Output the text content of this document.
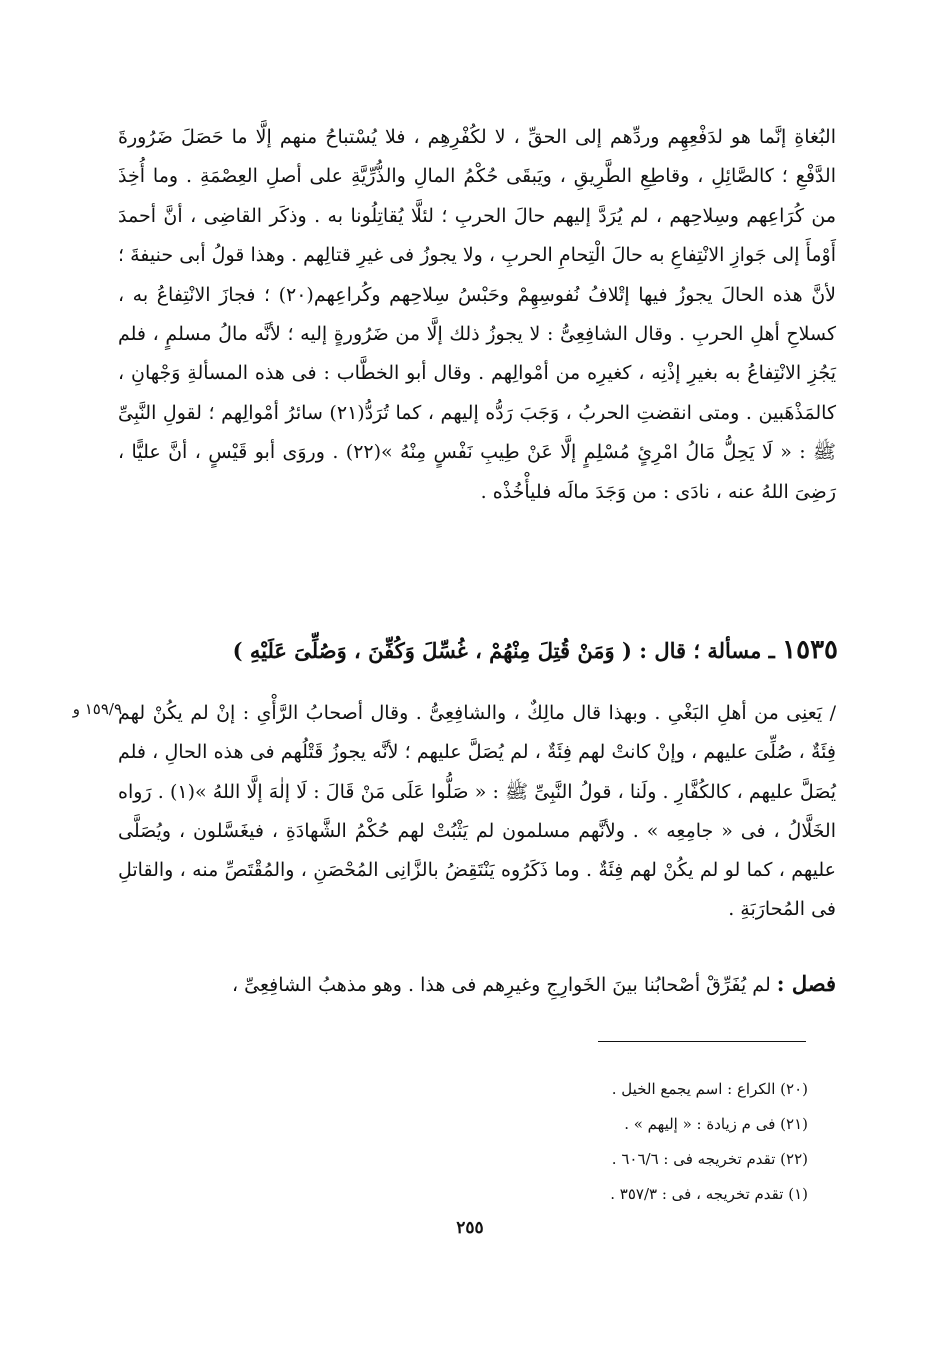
البُغاةِ إنَّما هو لدَفْعِهِم وردِّهم إلى الحقِّ ، لا لكُفْرِهِم ، فلا يُسْتباحُ منهم إلَّا ما حَصَلَ ضَرُورةَ الدَّفْعِ ؛ كالصَّائِلِ ، وقاطِعِ الطَّرِيقِ ، ويَبقَى حُكْمُ المالِ والذُّرِّيَّةِ على أصلِ العِصْمَةِ . وما أُخِذَ من كُرَاعِهم وسِلاحِهم ، لم يُرَدَّ إليهم حالَ الحربِ ؛ لئلَّا يُقاتِلُونا به . وذكَر القاضِى ، أنَّ أحمدَ أَوْمأَ إلى جَوازِ الانْتِفاعِ به حالَ الْتِحامِ الحربِ ، ولا يجوزُ فى غيرِ قتالِهم . وهذا قولُ أبى حنيفةَ ؛ لأنَّ هذه الحالَ يجوزُ فيها إتْلافُ نُفوسِهِمْ وحَبْسُ سِلاحِهم وكُراعِهم(٢٠) ؛ فجازَ الانْتِفاعُ به ، كسلاحِ أهلِ الحربِ . وقال الشافِعِىُّ : لا يجوزُ ذلك إلَّا من ضَرُورةٍ إليه ؛ لأنَّه مالُ مسلمٍ ، فلم يَجُزِ الانْتِفاعُ به بغيرِ إذْنِه ، كغيرِه من أمْوالِهم . وقال أبو الخطَّاب : فى هذه المسألةِ وَجْهانِ ، كالمَذْهَبين . ومتى انقضتِ الحربُ ، وَجَبَ رَدُّه إليهم ، كما تُرَدُّ(٢١) سائرُ أمْوالِهم ؛ لقولِ النَّبِىِّ ﷺ : « لَا يَحِلُّ مَالُ امْرِئٍ مُسْلِمٍ إلَّا عَنْ طِيبِ نَفْسٍ مِنْهُ »(٢٢) . وروَى أبو قَيْسٍ ، أنَّ عليًّا ، رَضِىَ اللهُ عنه ، نادَى : من وَجَدَ مالَه فليأْخُذْه .
١٥٣٥ ـ مسألة ؛ قال : ( وَمَنْ قُتِلَ مِنْهُمْ ، غُسِّلَ وَكُفِّنَ ، وَصُلِّىَ عَلَيْهِ )
١٥٩/٩ و
/ يَعنِى من أهلِ البَغْىِ . وبهذا قال مالِكٌ ، والشافِعِىُّ . وقال أصحابُ الرَّأْىِ : إنْ لم يكُنْ لهم فِئَةٌ ، صُلِّىَ عليهم ، وإنْ كانتْ لهم فِئَةٌ ، لم يُصَلَّ عليهم ؛ لأنَّه يجوزُ قَتْلُهم فى هذه الحالِ ، فلم يُصَلَّ عليهم ، كالكُفَّارِ . ولَنا ، قولُ النَّبِىِّ ﷺ : « صَلُّوا عَلَى مَنْ قَالَ : لَا إلٰهَ إلَّا اللهُ »(١) . رَواه الخَلَّالُ ، فى « جامِعِه » . ولأنَّهم مسلمون لم يَثْبُتْ لهم حُكْمُ الشَّهادَةِ ، فيغَسَّلون ، ويُصَلَّى عليهم ، كما لو لم يكُنْ لهم فِئَةٌ . وما ذَكَرُوه يَنْتَقِضُ بالزَّانِى المُحْصَنِ ، والمُقْتَصِّ منه ، والقاتلِ فى المُحارَبَةِ .
فصل : لم يُفَرِّقْ أصْحابُنا بينَ الخَوارِجِ وغيرِهم فى هذا . وهو مذهبُ الشافِعِىِّ ،
(٢٠) الكراع : اسم يجمع الخيل .
(٢١) فى م زيادة : « إليهم » .
(٢٢) تقدم تخريجه فى : ٦٠٦/٦ .
(١) تقدم تخريجه ، فى : ٣٥٧/٣ .
٢٥٥
